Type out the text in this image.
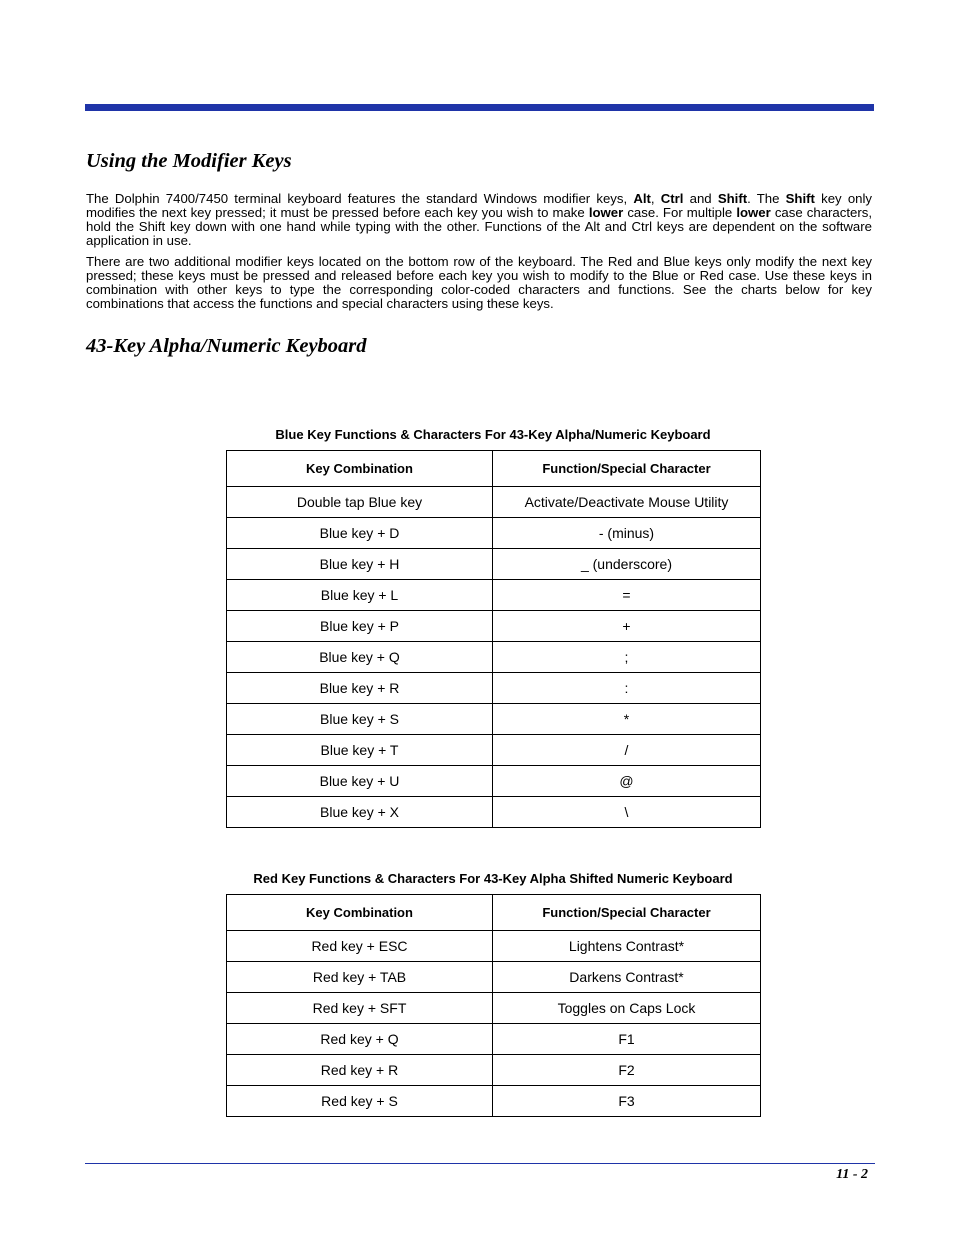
Using the Modifier Keys

The Dolphin 7400/7450 terminal keyboard features the standard Windows modifier keys, Alt, Ctrl and Shift. The Shift key only modifies the next key pressed; it must be pressed before each key you wish to make lower case. For multiple lower case characters, hold the Shift key down with one hand while typing with the other. Functions of the Alt and Ctrl keys are dependent on the software application in use.

There are two additional modifier keys located on the bottom row of the keyboard. The Red and Blue keys only modify the next key pressed; these keys must be pressed and released before each key you wish to modify to the Blue or Red case. Use these keys in combination with other keys to type the corresponding color-coded characters and functions. See the charts below for key combinations that access the functions and special characters using these keys.

43-Key Alpha/Numeric Keyboard
Blue Key Functions & Characters For 43-Key Alpha/Numeric Keyboard
Key Combination	Function/Special Character
Double tap Blue key	Activate/Deactivate Mouse Utility
Blue key + D	- (minus)
Blue key + H	_ (underscore)
Blue key + L	=
Blue key + P	+
Blue key + Q	;
Blue key + R	:
Blue key + S	*
Blue key + T	/
Blue key + U	@
Blue key + X	\
Red Key Functions & Characters For 43-Key Alpha Shifted Numeric Keyboard
Key Combination	Function/Special Character
Red key + ESC	Lightens Contrast*
Red key + TAB	Darkens Contrast*
Red key + SFT	Toggles on Caps Lock
Red key + Q	F1
Red key + R	F2
Red key + S	F3
11 - 2
